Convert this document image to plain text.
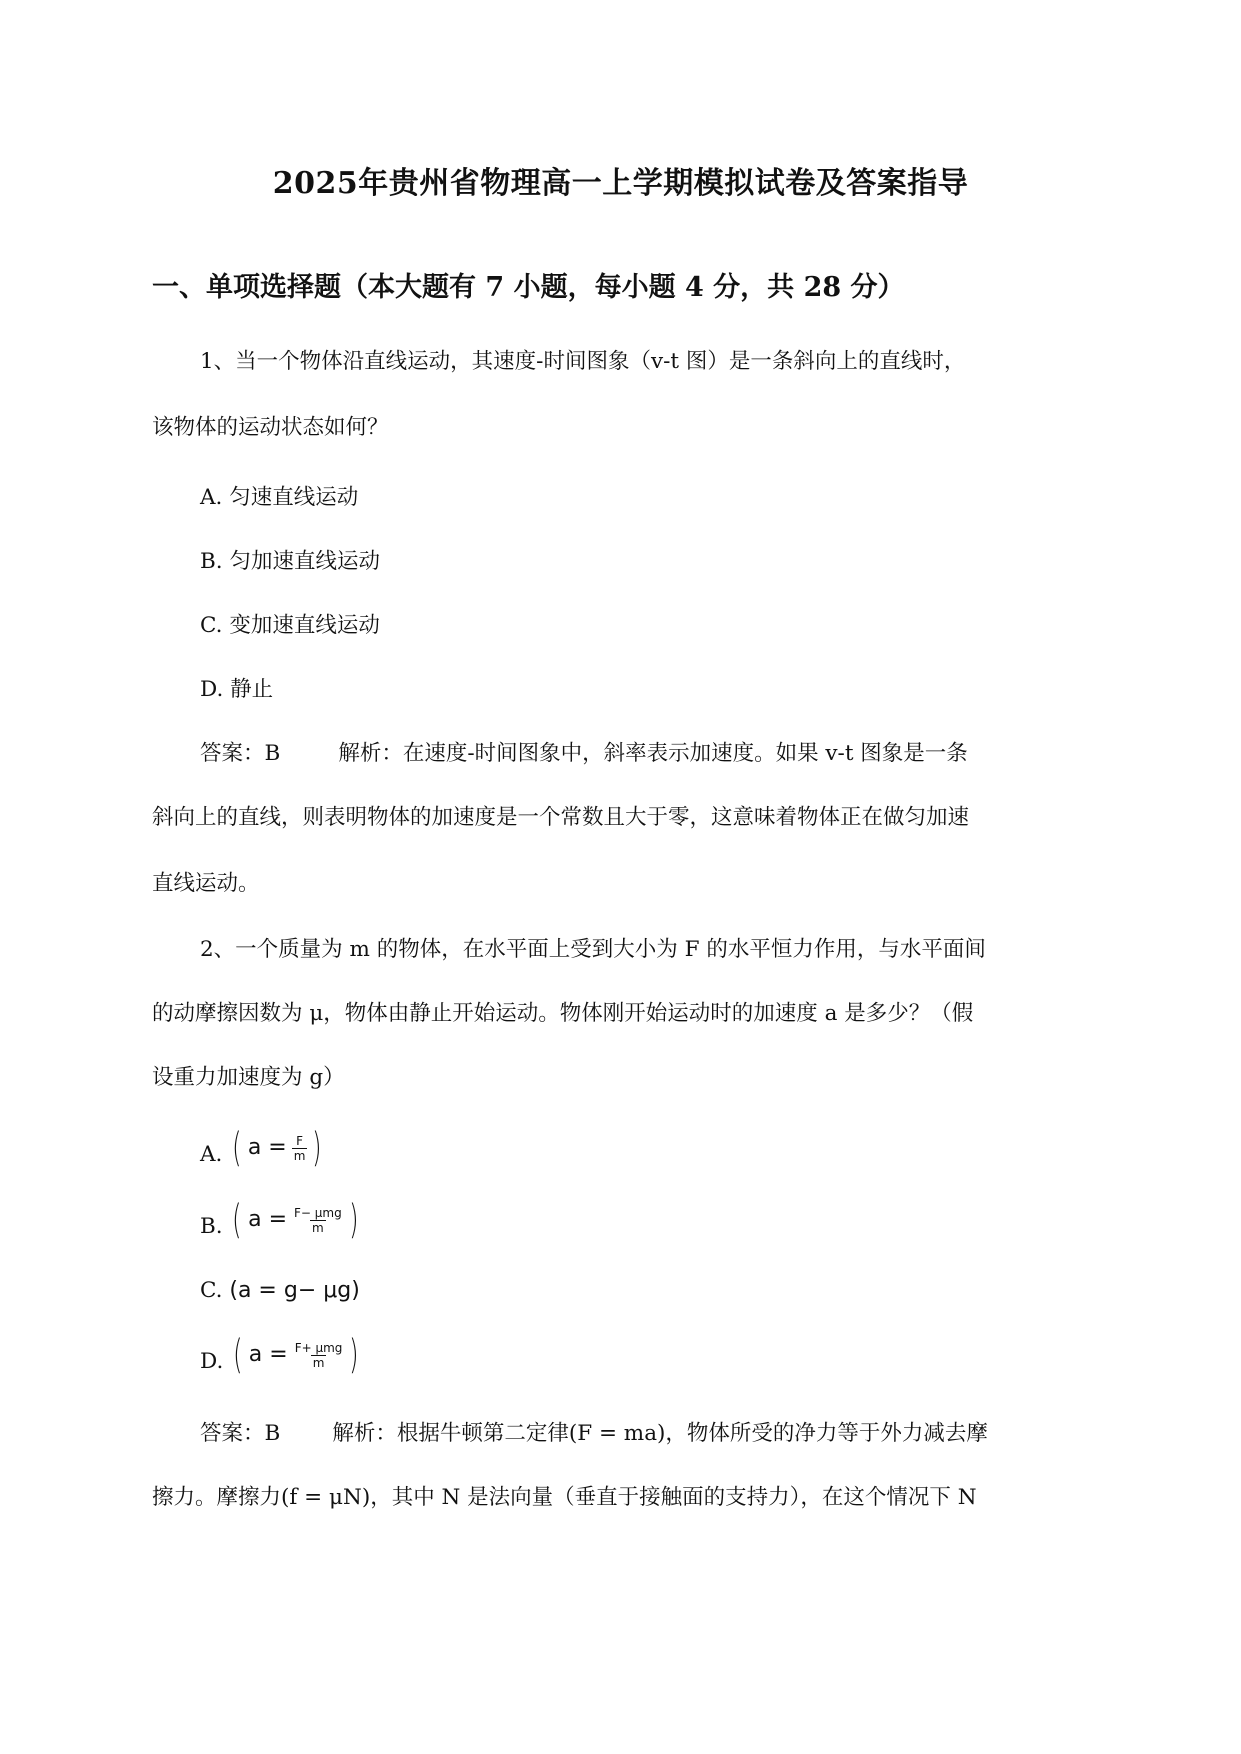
2025年贵州省物理高一上学期模拟试卷及答案指导
一、单项选择题（本大题有 7 小题，每小题 4 分，共 28 分）
1、当一个物体沿直线运动，其速度-时间图象（v-t 图）是一条斜向上的直线时，
该物体的运动状态如何？
A. 匀速直线运动
B. 匀加速直线运动
C. 变加速直线运动
D. 静止
答案：B	解析：在速度-时间图象中，斜率表示加速度。如果 v-t 图象是一条
斜向上的直线，则表明物体的加速度是一个常数且大于零，这意味着物体正在做匀加速
直线运动。
2、一个质量为 m 的物体，在水平面上受到大小为 F 的水平恒力作用，与水平面间
的动摩擦因数为 μ，物体由静止开始运动。物体刚开始运动时的加速度 a 是多少？（假
设重力加速度为 g）
A. ( $a = \frac{F}{m}$ )
B. ( $a = \frac{\text{F− μmg}}{m}$ )
C. (a = g− μg)
D. ( $a = \frac{\text{F+ μmg}}{m}$ )
答案：B 解析：根据牛顿第二定律(F = ma)，物体所受的净力等于外力减去摩
擦力。摩擦力(f = μN)，其中 N 是法向量（垂直于接触面的支持力），在这个情况下 N
